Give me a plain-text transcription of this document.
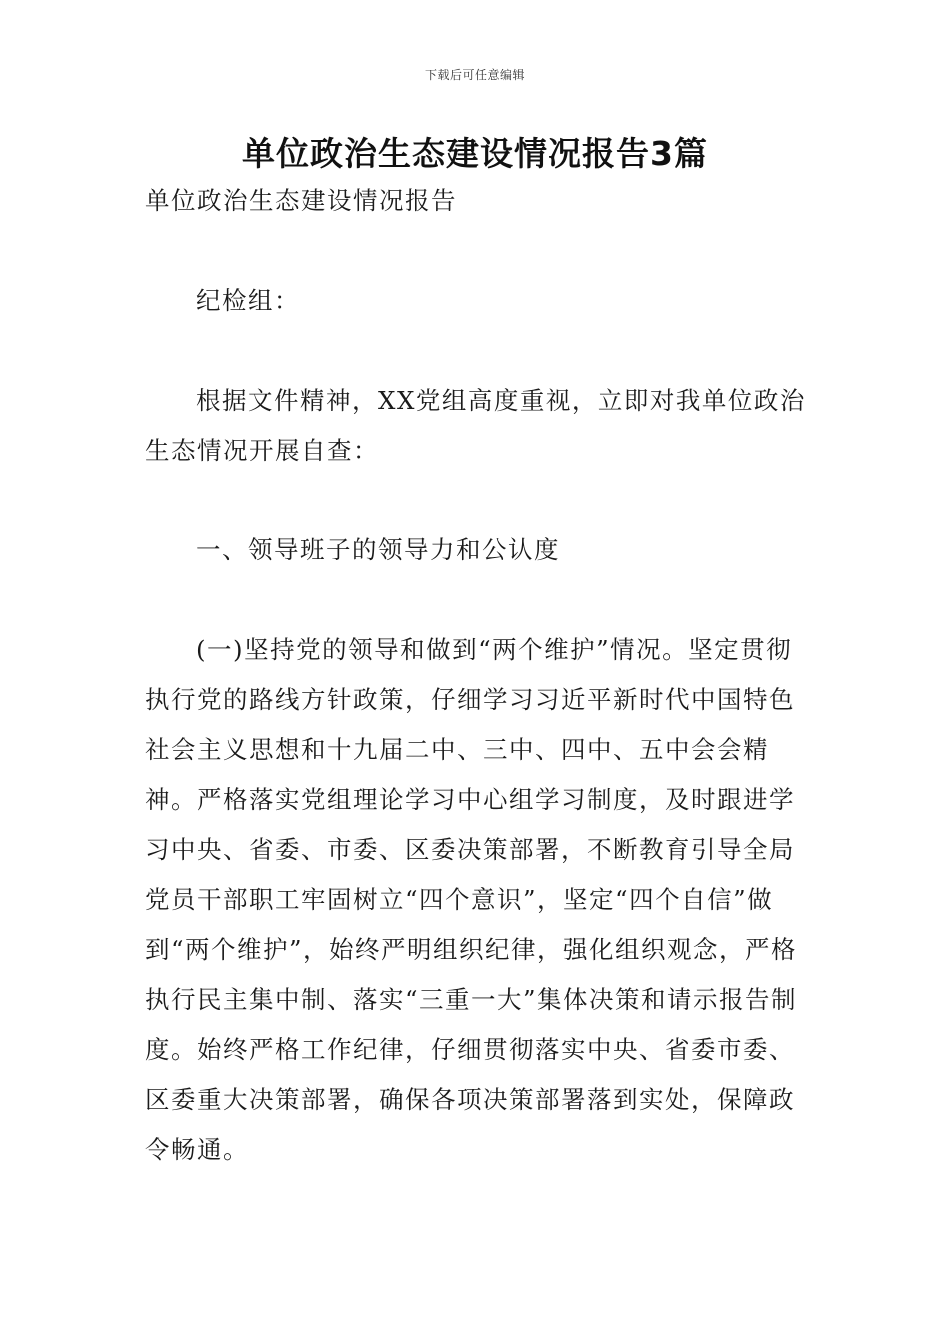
下载后可任意编辑
单位政治生态建设情况报告3篇

单位政治生态建设情况报告

纪检组：

根据文件精神，XX党组高度重视，立即对我单位政治生态情况开展自查：

一、领导班子的领导力和公认度

(一)坚持党的领导和做到“两个维护”情况。坚定贯彻执行党的路线方针政策，仔细学习习近平新时代中国特色社会主义思想和十九届二中、三中、四中、五中会会精神。严格落实党组理论学习中心组学习制度，及时跟进学习中央、省委、市委、区委决策部署，不断教育引导全局党员干部职工牢固树立“四个意识”，坚定“四个自信”做到“两个维护”，始终严明组织纪律，强化组织观念，严格执行民主集中制、落实“三重一大”集体决策和请示报告制度。始终严格工作纪律，仔细贯彻落实中央、省委市委、区委重大决策部署，确保各项决策部署落到实处，保障政令畅通。
